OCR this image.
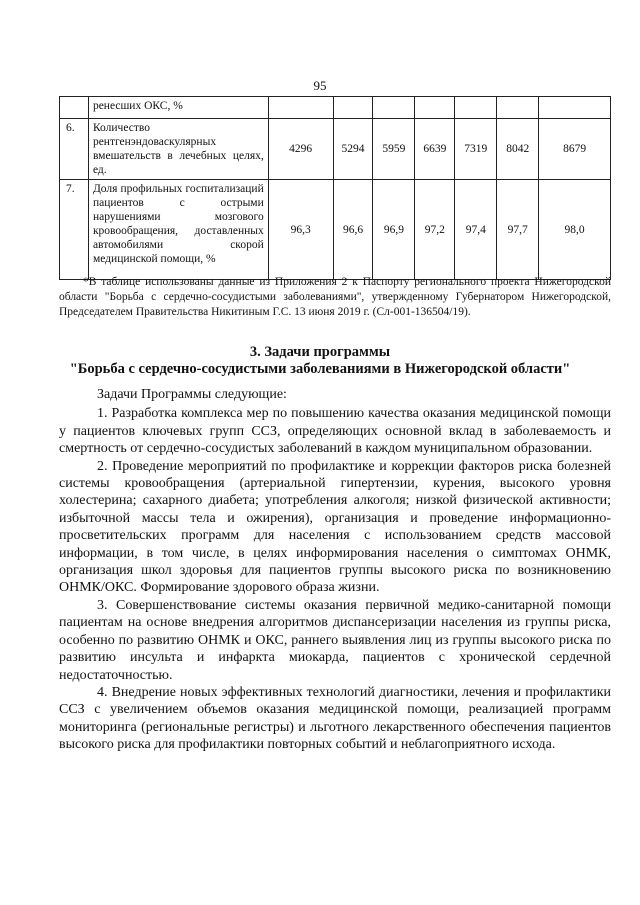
95
	ренесших ОКС, %							
6.	Количество рентгенэндоваскулярных вмешательств в лечебных целях, ед.	4296	5294	5959	6639	7319	8042	8679
7.	Доля профильных госпитализаций пациентов с острыми нарушениями мозгового кровообращения, доставленных автомобилями скорой медицинской помощи, %	96,3	96,6	96,9	97,2	97,4	97,7	98,0
*В таблице использованы данные из Приложения 2 к Паспорту регионального проекта Нижегородской области "Борьба с сердечно-сосудистыми заболеваниями", утвержденному Губернатором Нижегородской, Председателем Правительства Никитиным Г.С. 13 июня 2019 г. (Сл-001-136504/19).
3. Задачи программы
"Борьба с сердечно-сосудистыми заболеваниями в Нижегородской области"

Задачи Программы следующие:

1. Разработка комплекса мер по повышению качества оказания медицинской помощи у пациентов ключевых групп ССЗ, определяющих основной вклад в заболеваемость и смертность от сердечно-сосудистых заболеваний в каждом муниципальном образовании.

2. Проведение мероприятий по профилактике и коррекции факторов риска болезней системы кровообращения (артериальной гипертензии, курения, высокого уровня холестерина; сахарного диабета; употребления алкоголя; низкой физической активности; избыточной массы тела и ожирения), организация и проведение информационно-просветительских программ для населения с использованием средств массовой информации, в том числе, в целях информирования населения о симптомах ОНМК, организация школ здоровья для пациентов группы высокого риска по возникновению ОНМК/ОКС. Формирование здорового образа жизни.

3. Совершенствование системы оказания первичной медико-санитарной помощи пациентам на основе внедрения алгоритмов диспансеризации населения из группы риска, особенно по развитию ОНМК и ОКС, раннего выявления лиц из группы высокого риска по развитию инсульта и инфаркта миокарда, пациентов с хронической сердечной недостаточностью.

4. Внедрение новых эффективных технологий диагностики, лечения и профилактики ССЗ с увеличением объемов оказания медицинской помощи, реализацией программ мониторинга (региональные регистры) и льготного лекарственного обеспечения пациентов высокого риска для профилактики повторных событий и неблагоприятного исхода.
